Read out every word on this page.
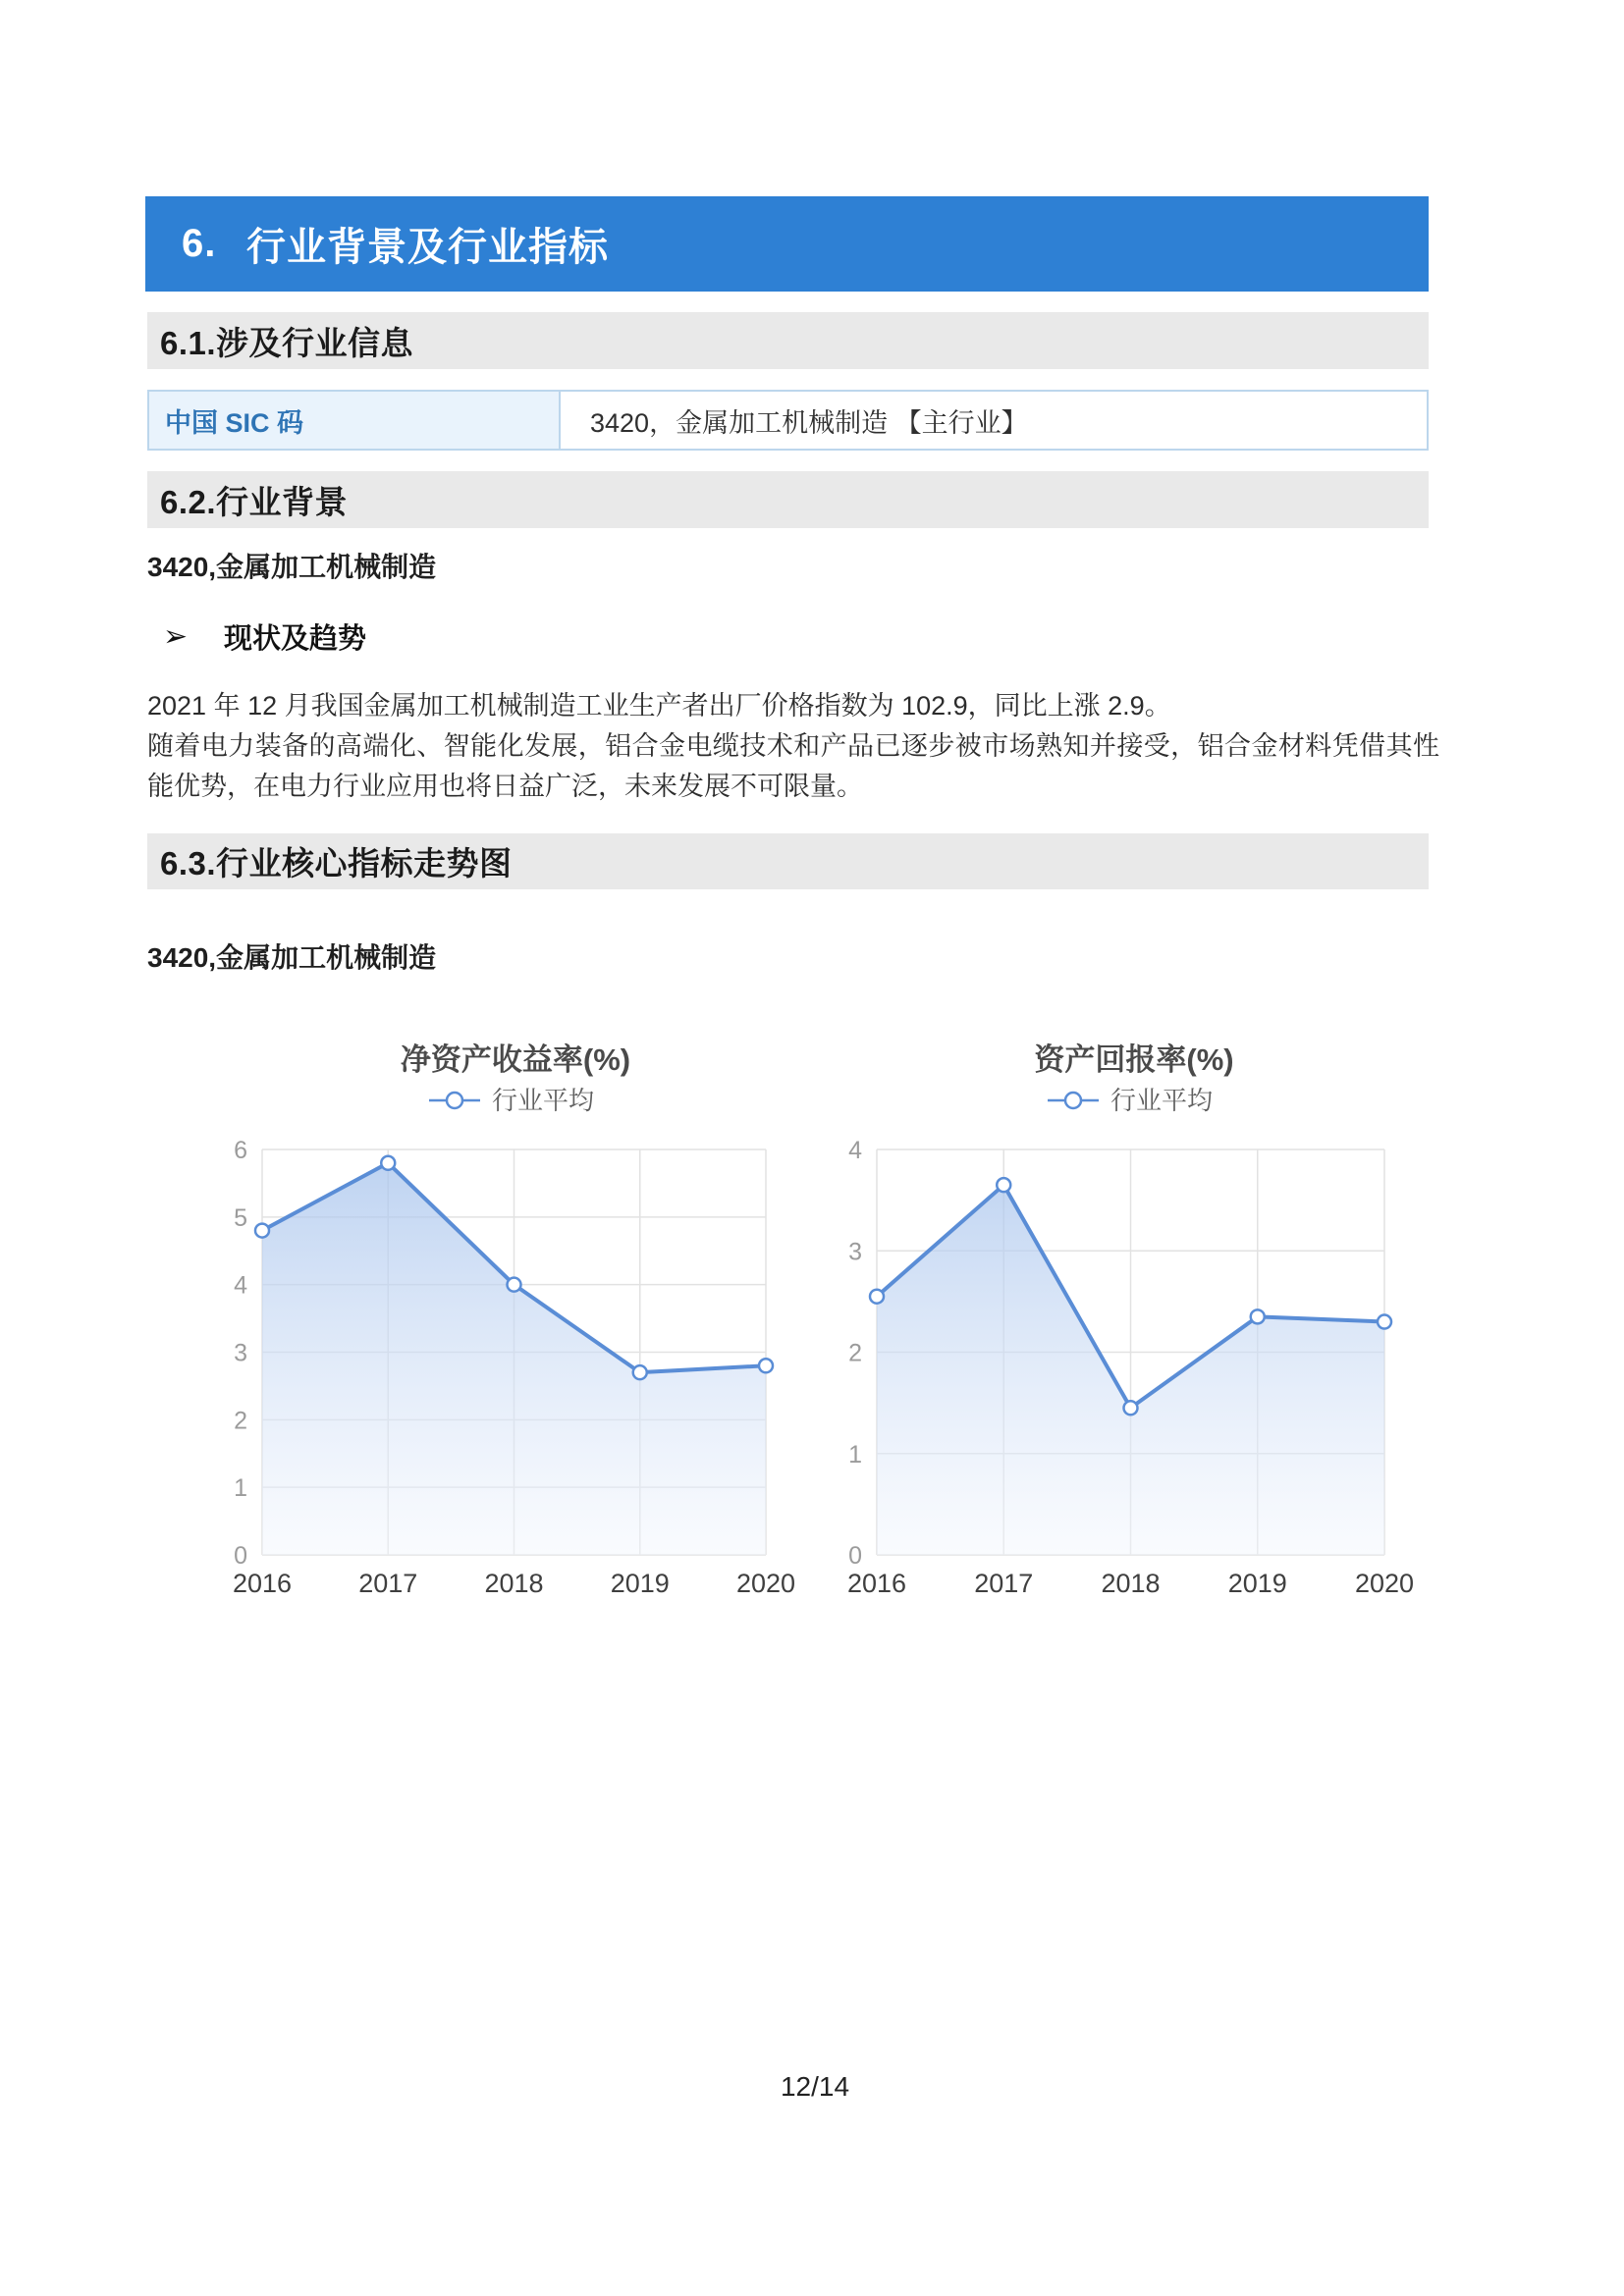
6. 行业背景及行业指标
6.1.涉及行业信息
中国 SIC 码	3420，金属加工机械制造 【主行业】
6.2.行业背景
3420,金属加工机械制造
➢	现状及趋势

2021 年 12 月我国金属加工机械制造工业生产者出厂价格指数为 102.9，同比上涨 2.9。

随着电力装备的高端化、智能化发展，铝合金电缆技术和产品已逐步被市场熟知并接受，铝合金材料凭借其性能优势，在电力行业应用也将日益广泛，未来发展不可限量。

6.3.行业核心指标走势图
3420,金属加工机械制造
净资产收益率(%)
行业平均
0
1
2
3
4
5
6
2016	2017	2018	2019	2020
资产回报率(%)
行业平均
0
1
2
3
4
2016	2017	2018	2019	2020
12/14
